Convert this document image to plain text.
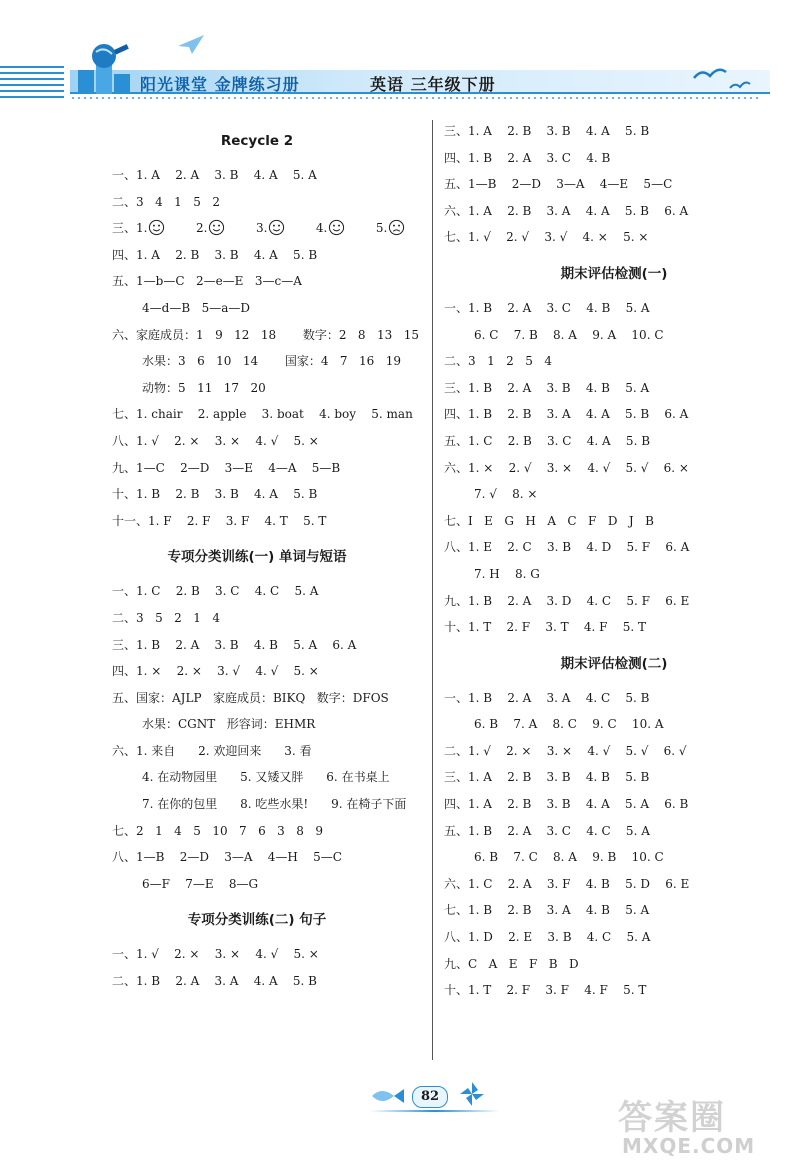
阳光课堂 金牌练习册	英语 三年级下册
Recycle 2
一、1. A    2. A    3. B    4. A    5. A
二、3   4   1   5   2
三、1.	2.	3.	4.	5.
四、1. A    2. B    3. B    4. A    5. B
五、1—b—C   2—e—E   3—c—A
4—d—B   5—a—D
六、家庭成员：1   9   12   18       数字：2   8   13   15
水果：3   6   10   14       国家：4   7   16   19
动物：5   11   17   20
七、1. chair    2. apple    3. boat    4. boy    5. man
八、1. √    2. ×    3. ×    4. √    5. ×
九、1—C    2—D    3—E    4—A    5—B
十、1. B    2. B    3. B    4. A    5. B
十一、1. F    2. F    3. F    4. T    5. T
专项分类训练(一) 单词与短语
一、1. C    2. B    3. C    4. C    5. A
二、3   5   2   1   4
三、1. B    2. A    3. B    4. B    5. A    6. A
四、1. ×    2. ×    3. √    4. √    5. ×
五、国家：AJLP   家庭成员：BIKQ   数字：DFOS
水果：CGNT   形容词：EHMR
六、1. 来自      2. 欢迎回来      3. 看
4. 在动物园里      5. 又矮又胖      6. 在书桌上
7. 在你的包里      8. 吃些水果!      9. 在椅子下面
七、2   1   4   5   10   7   6   3   8   9
八、1—B    2—D    3—A    4—H    5—C
6—F    7—E    8—G
专项分类训练(二) 句子
一、1. √    2. ×    3. ×    4. √    5. ×
二、1. B    2. A    3. A    4. A    5. B
三、1. A    2. B    3. B    4. A    5. B
四、1. B    2. A    3. C    4. B
五、1—B    2—D    3—A    4—E    5—C
六、1. A    2. B    3. A    4. A    5. B    6. A
七、1. √    2. √    3. √    4. ×    5. ×
期末评估检测(一)
一、1. B    2. A    3. C    4. B    5. A
6. C    7. B    8. A    9. A    10. C
二、3   1   2   5   4
三、1. B    2. A    3. B    4. B    5. A
四、1. B    2. B    3. A    4. A    5. B    6. A
五、1. C    2. B    3. C    4. A    5. B
六、1. ×    2. √    3. ×    4. √    5. √    6. ×
7. √    8. ×
七、I   E   G   H   A   C   F   D   J   B
八、1. E    2. C    3. B    4. D    5. F    6. A
7. H    8. G
九、1. B    2. A    3. D    4. C    5. F    6. E
十、1. T    2. F    3. T    4. F    5. T
期末评估检测(二)
一、1. B    2. A    3. A    4. C    5. B
6. B    7. A    8. C    9. C    10. A
二、1. √    2. ×    3. ×    4. √    5. √    6. √
三、1. A    2. B    3. B    4. B    5. B
四、1. A    2. B    3. B    4. A    5. A    6. B
五、1. B    2. A    3. C    4. C    5. A
6. B    7. C    8. A    9. B    10. C
六、1. C    2. A    3. F    4. B    5. D    6. E
七、1. B    2. B    3. A    4. B    5. A
八、1. D    2. E    3. B    4. C    5. A
九、C   A   E   F   B   D
十、1. T    2. F    3. F    4. F    5. T
82
答案圈
MXQE.COM
